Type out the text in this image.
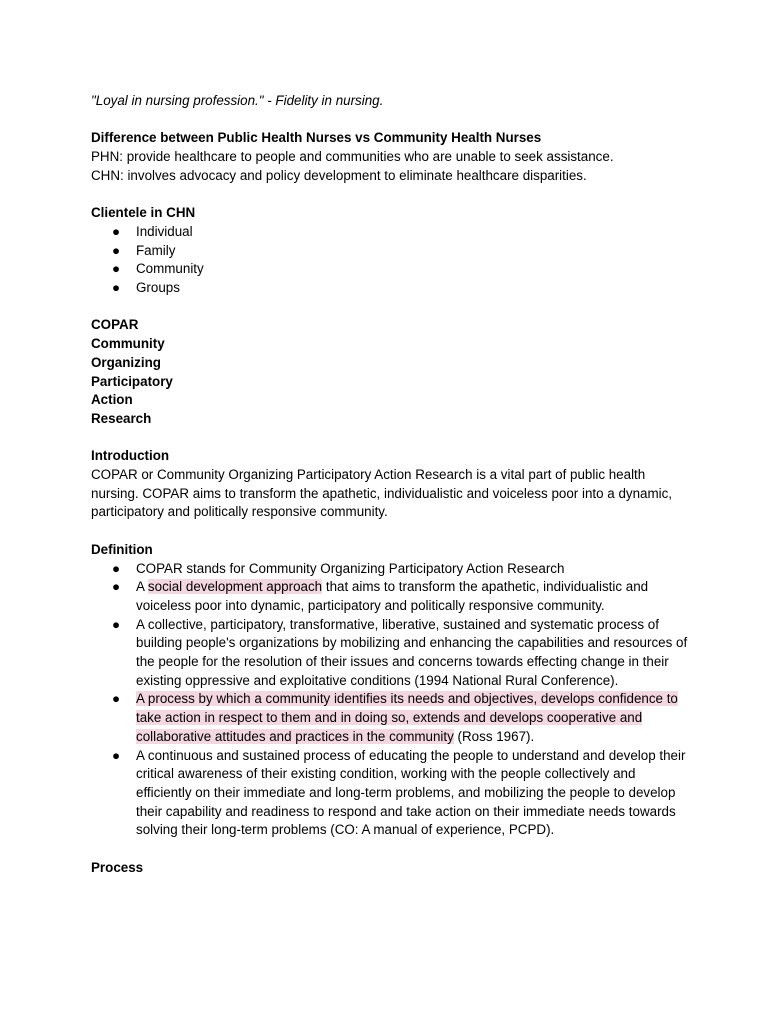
"Loyal in nursing profession." - Fidelity in nursing.

Difference between Public Health Nurses vs Community Health Nurses

PHN: provide healthcare to people and communities who are unable to seek assistance.

CHN: involves advocacy and policy development to eliminate healthcare disparities.

Clientele in CHN

● Individual
● Family
● Community
● Groups

COPAR

Community

Organizing

Participatory

Action

Research

Introduction

COPAR or Community Organizing Participatory Action Research is a vital part of public health nursing. COPAR aims to transform the apathetic, individualistic and voiceless poor into a dynamic, participatory and politically responsive community.

Definition

● COPAR stands for Community Organizing Participatory Action Research
● A social development approach that aims to transform the apathetic, individualistic and voiceless poor into dynamic, participatory and politically responsive community.
● A collective, participatory, transformative, liberative, sustained and systematic process of building people's organizations by mobilizing and enhancing the capabilities and resources of the people for the resolution of their issues and concerns towards effecting change in their existing oppressive and exploitative conditions (1994 National Rural Conference).
● A process by which a community identifies its needs and objectives, develops confidence to take action in respect to them and in doing so, extends and develops cooperative and collaborative attitudes and practices in the community (Ross 1967).
● A continuous and sustained process of educating the people to understand and develop their critical awareness of their existing condition, working with the people collectively and efficiently on their immediate and long-term problems, and mobilizing the people to develop their capability and readiness to respond and take action on their immediate needs towards solving their long-term problems (CO: A manual of experience, PCPD).

Process
